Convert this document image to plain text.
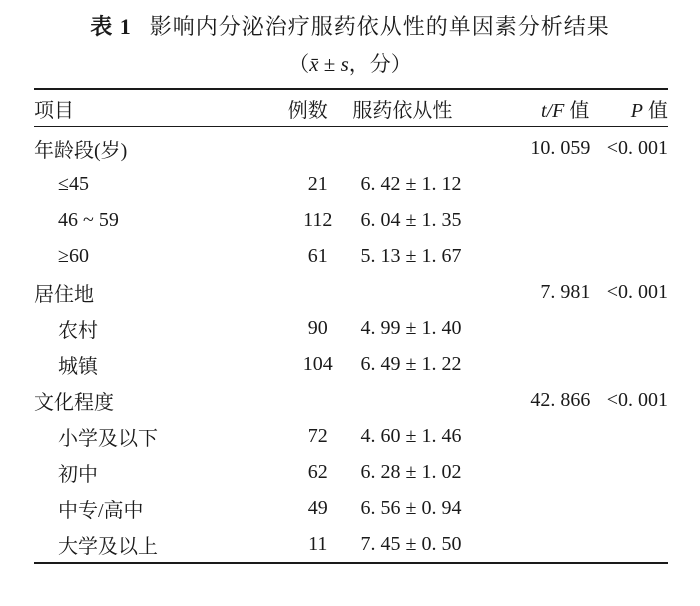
表 1 影响内分泌治疗服药依从性的单因素分析结果
（x̄ ± s，分）
项目	例数	服药依从性	t/F 值	P 值
年龄段(岁)			10. 059	<0. 001
≤45	21	6. 42 ± 1. 12		
46 ~ 59	112	6. 04 ± 1. 35		
≥60	61	5. 13 ± 1. 67		
居住地			7. 981	<0. 001
农村	90	4. 99 ± 1. 40		
城镇	104	6. 49 ± 1. 22		
文化程度			42. 866	<0. 001
小学及以下	72	4. 60 ± 1. 46		
初中	62	6. 28 ± 1. 02		
中专/高中	49	6. 56 ± 0. 94		
大学及以上	11	7. 45 ± 0. 50		
